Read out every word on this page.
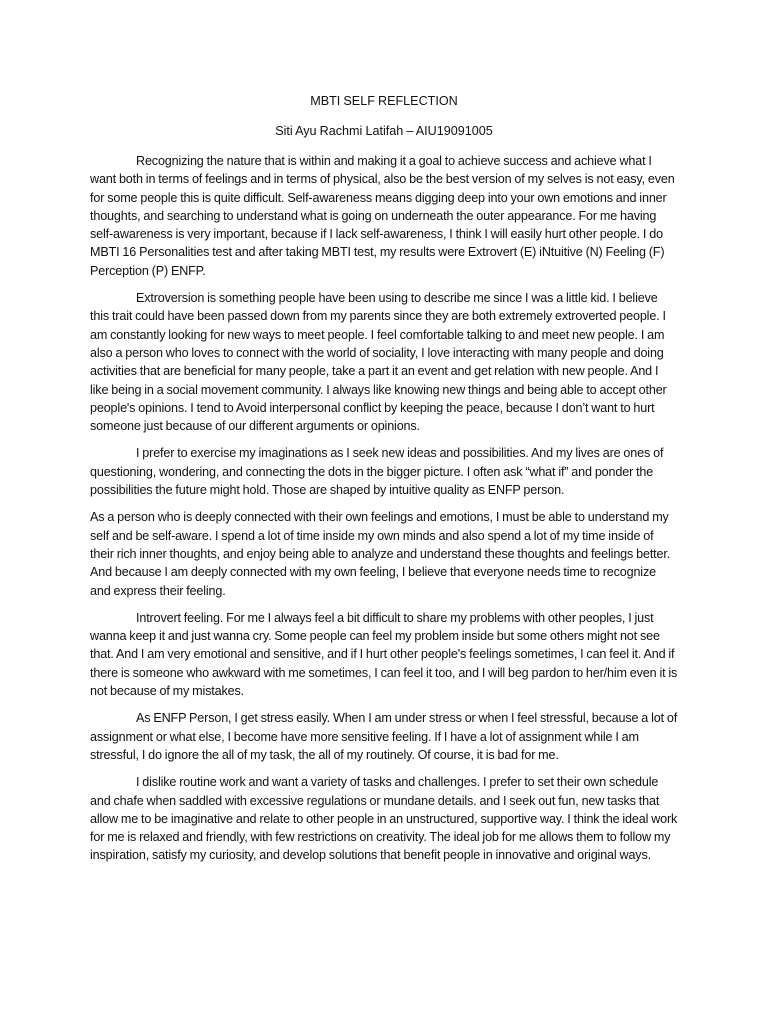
MBTI SELF REFLECTION
Siti Ayu Rachmi Latifah – AIU19091005

Recognizing the nature that is within and making it a goal to achieve success and achieve what I want both in terms of feelings and in terms of physical, also be the best version of my selves is not easy, even for some people this is quite difficult. Self-awareness means digging deep into your own emotions and inner thoughts, and searching to understand what is going on underneath the outer appearance. For me having self-awareness is very important, because if I lack self-awareness, I think I will easily hurt other people. I do MBTI 16 Personalities test and after taking MBTI test, my results were Extrovert (E) iNtuitive (N) Feeling (F) Perception (P) ENFP.

Extroversion is something people have been using to describe me since I was a little kid. I believe this trait could have been passed down from my parents since they are both extremely extroverted people. I am constantly looking for new ways to meet people. I feel comfortable talking to and meet new people. I am also a person who loves to connect with the world of sociality, I love interacting with many people and doing activities that are beneficial for many people, take a part it an event and get relation with new people. And I like being in a social movement community. I always like knowing new things and being able to accept other people's opinions. I tend to Avoid interpersonal conflict by keeping the peace, because I don’t want to hurt someone just because of our different arguments or opinions.

I prefer to exercise my imaginations as I seek new ideas and possibilities. And my lives are ones of questioning, wondering, and connecting the dots in the bigger picture. I often ask “what if” and ponder the possibilities the future might hold. Those are shaped by intuitive quality as ENFP person.

As a person who is deeply connected with their own feelings and emotions, I must be able to understand my self and be self-aware. I spend a lot of time inside my own minds and also spend a lot of my time inside of their rich inner thoughts, and enjoy being able to analyze and understand these thoughts and feelings better. And because I am deeply connected with my own feeling, I believe that everyone needs time to recognize and express their feeling.

Introvert feeling. For me I always feel a bit difficult to share my problems with other peoples, I just wanna keep it and just wanna cry. Some people can feel my problem inside but some others might not see that. And I am very emotional and sensitive, and if I hurt other people's feelings sometimes, I can feel it. And if there is someone who awkward with me sometimes, I can feel it too, and I will beg pardon to her/him even it is not because of my mistakes.

As ENFP Person, I get stress easily. When I am under stress or when I feel stressful, because a lot of assignment or what else, I become have more sensitive feeling. If I have a lot of assignment while I am stressful, I do ignore the all of my task, the all of my routinely. Of course, it is bad for me.

I dislike routine work and want a variety of tasks and challenges. I prefer to set their own schedule and chafe when saddled with excessive regulations or mundane details. and I seek out fun, new tasks that allow me to be imaginative and relate to other people in an unstructured, supportive way. I think the ideal work for me is relaxed and friendly, with few restrictions on creativity. The ideal job for me allows them to follow my inspiration, satisfy my curiosity, and develop solutions that benefit people in innovative and original ways.
